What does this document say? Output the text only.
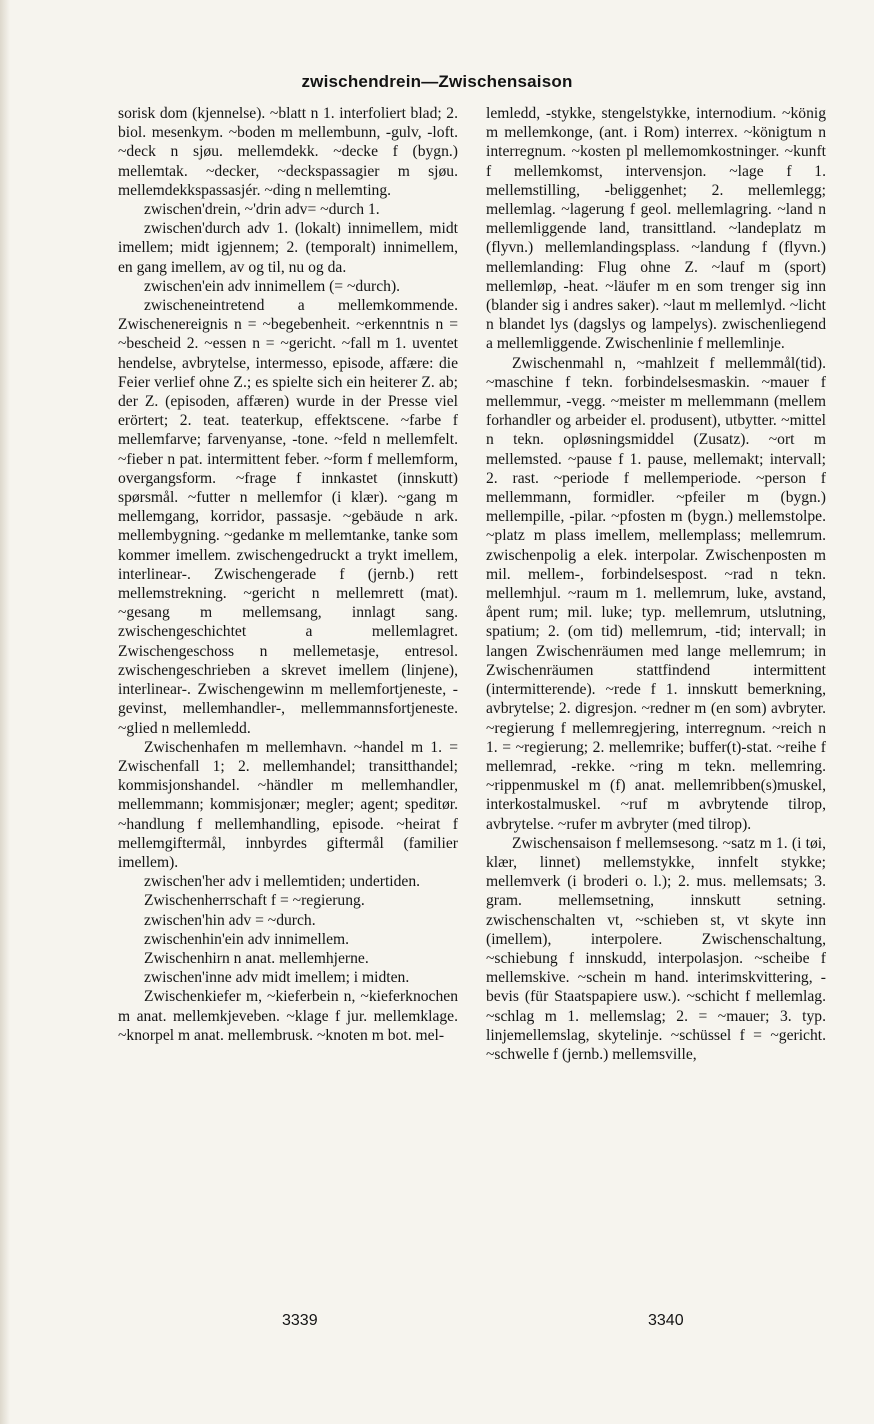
zwischendrein—Zwischensaison

sorisk dom (kjennelse). ~blatt n 1. interfoliert blad; 2. biol. mesenkym. ~boden m mellembunn, -gulv, -loft. ~deck n sjøu. mellemdekk. ~decke f (bygn.) mellemtak. ~decker, ~deckspassagier m sjøu. mellemdekkspassasjér. ~ding n mellemting.

zwischen'drein, ~'drin adv= ~durch 1.

zwischen'durch adv 1. (lokalt) innimellem, midt imellem; midt igjennem; 2. (temporalt) innimellem, en gang imellem, av og til, nu og da.

zwischen'ein adv innimellem (= ~durch).

zwischeneintretend a mellemkommende. Zwischenereignis n = ~begebenheit. ~erkenntnis n = ~bescheid 2. ~essen n = ~gericht. ~fall m 1. uventet hendelse, avbrytelse, intermesso, episode, affære: die Feier verlief ohne Z.; es spielte sich ein heiterer Z. ab; der Z. (episoden, affæren) wurde in der Presse viel erörtert; 2. teat. teaterkup, effektscene. ~farbe f mellemfarve; farvenyanse, -tone. ~feld n mellemfelt. ~fieber n pat. intermittent feber. ~form f mellemform, overgangsform. ~frage f innkastet (innskutt) spørsmål. ~futter n mellemfor (i klær). ~gang m mellemgang, korridor, passasje. ~gebäude n ark. mellembygning. ~gedanke m mellemtanke, tanke som kommer imellem. zwischengedruckt a trykt imellem, interlinear-. Zwischengerade f (jernb.) rett mellemstrekning. ~gericht n mellemrett (mat). ~gesang m mellemsang, innlagt sang. zwischengeschichtet a mellemlagret. Zwischengeschoss n mellemetasje, entresol. zwischengeschrieben a skrevet imellem (linjene), interlinear-. Zwischengewinn m mellemfortjeneste, -gevinst, mellemhandler-, mellemmannsfortjeneste. ~glied n mellemledd.

Zwischenhafen m mellemhavn. ~handel m 1. = Zwischenfall 1; 2. mellemhandel; transitthandel; kommisjonshandel. ~händler m mellemhandler, mellemmann; kommisjonær; megler; agent; speditør. ~handlung f mellemhandling, episode. ~heirat f mellemgiftermål, innbyrdes giftermål (familier imellem).

zwischen'her adv i mellemtiden; undertiden.

Zwischenherrschaft f = ~regierung.

zwischen'hin adv = ~durch.

zwischenhin'ein adv innimellem.

Zwischenhirn n anat. mellemhjerne.

zwischen'inne adv midt imellem; i midten.

Zwischenkiefer m, ~kieferbein n, ~kieferknochen m anat. mellemkjeveben. ~klage f jur. mellemklage. ~knorpel m anat. mellembrusk. ~knoten m bot. mel-

lemledd, -stykke, stengelstykke, internodium. ~könig m mellemkonge, (ant. i Rom) interrex. ~königtum n interregnum. ~kosten pl mellemomkostninger. ~kunft f mellemkomst, intervensjon. ~lage f 1. mellemstilling, -beliggenhet; 2. mellemlegg; mellemlag. ~lagerung f geol. mellemlagring. ~land n mellemliggende land, transittland. ~landeplatz m (flyvn.) mellemlandingsplass. ~landung f (flyvn.) mellemlanding: Flug ohne Z. ~lauf m (sport) mellemløp, -heat. ~läufer m en som trenger sig inn (blander sig i andres saker). ~laut m mellemlyd. ~licht n blandet lys (dagslys og lampelys). zwischenliegend a mellemliggende. Zwischenlinie f mellemlinje.

Zwischenmahl n, ~mahlzeit f mellemmål(tid). ~maschine f tekn. forbindelsesmaskin. ~mauer f mellemmur, -vegg. ~meister m mellemmann (mellem forhandler og arbeider el. produsent), utbytter. ~mittel n tekn. opløsningsmiddel (Zusatz). ~ort m mellemsted. ~pause f 1. pause, mellemakt; intervall; 2. rast. ~periode f mellemperiode. ~person f mellemmann, formidler. ~pfeiler m (bygn.) mellempille, -pilar. ~pfosten m (bygn.) mellemstolpe. ~platz m plass imellem, mellemplass; mellemrum. zwischenpolig a elek. interpolar. Zwischenposten m mil. mellem-, forbindelsespost. ~rad n tekn. mellemhjul. ~raum m 1. mellemrum, luke, avstand, åpent rum; mil. luke; typ. mellemrum, utslutning, spatium; 2. (om tid) mellemrum, -tid; intervall; in langen Zwischenräumen med lange mellemrum; in Zwischenräumen stattfindend intermittent (intermitterende). ~rede f 1. innskutt bemerkning, avbrytelse; 2. digresjon. ~redner m (en som) avbryter. ~regierung f mellemregjering, interregnum. ~reich n 1. = ~regierung; 2. mellemrike; buffer(t)-stat. ~reihe f mellemrad, -rekke. ~ring m tekn. mellemring. ~rippenmuskel m (f) anat. mellemribben(s)muskel, interkostalmuskel. ~ruf m avbrytende tilrop, avbrytelse. ~rufer m avbryter (med tilrop).

Zwischensaison f mellemsesong. ~satz m 1. (i tøi, klær, linnet) mellemstykke, innfelt stykke; mellemverk (i broderi o. l.); 2. mus. mellemsats; 3. gram. mellemsetning, innskutt setning. zwischenschalten vt, ~schieben st, vt skyte inn (imellem), interpolere. Zwischenschaltung, ~schiebung f innskudd, interpolasjon. ~scheibe f mellemskive. ~schein m hand. interimskvittering, -bevis (für Staatspapiere usw.). ~schicht f mellemlag. ~schlag m 1. mellemslag; 2. = ~mauer; 3. typ. linjemellemslag, skytelinje. ~schüssel f = ~gericht. ~schwelle f (jernb.) mellemsville,

3339	3340
